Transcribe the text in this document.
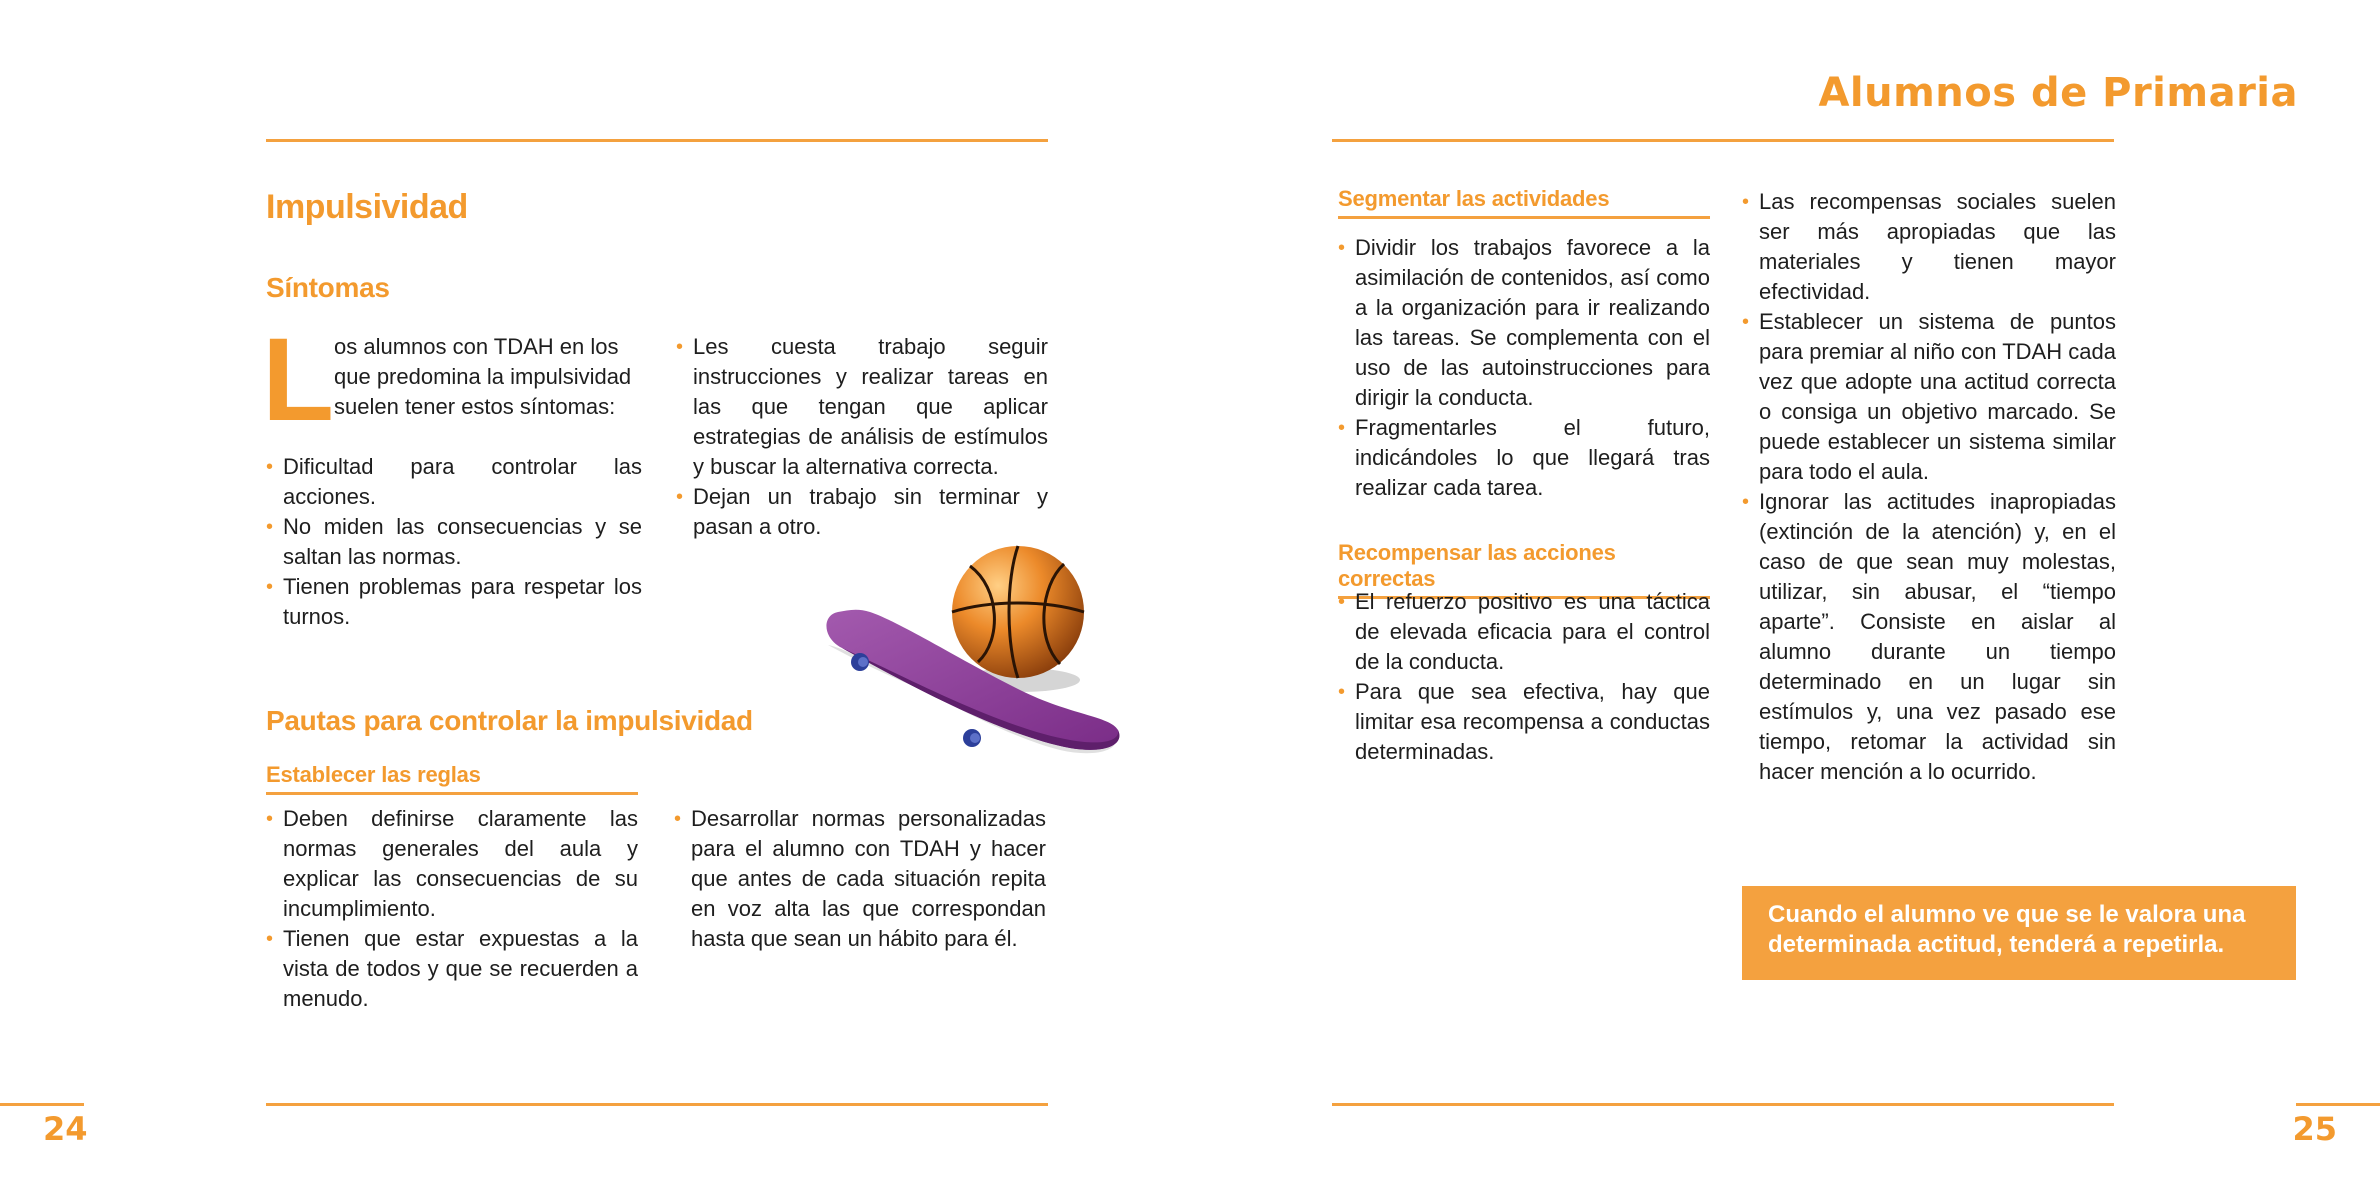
Alumnos de Primaria
Impulsividad
Síntomas
L os alumnos con TDAH en los
que predomina la impulsividad
suelen tener estos síntomas:
• Dificultad para controlar las acciones.
• No miden las consecuencias y se saltan las normas.
• Tienen problemas para respetar los turnos.
• Les cuesta trabajo seguir instrucciones y realizar tareas en las que tengan que aplicar estrategias de análisis de estímulos y buscar la alternativa correcta.
• Dejan un trabajo sin terminar y pasan a otro.
Pautas para controlar la impulsividad
Establecer las reglas
• Deben definirse claramente las normas generales del aula y explicar las consecuencias de su incumplimiento.
• Tienen que estar expuestas a la vista de todos y que se recuerden a menudo.
• Desarrollar normas personalizadas para el alumno con TDAH y hacer que antes de cada situación repita en voz alta las que correspondan hasta que sean un hábito para él.
Segmentar las actividades
• Dividir los trabajos favorece a la asimilación de contenidos, así como a la organización para ir realizando las tareas. Se complementa con el uso de las autoinstrucciones para dirigir la conducta.
• Fragmentarles el futuro, indicándoles lo que llegará tras realizar cada tarea.
Recompensar las acciones correctas
• El refuerzo positivo es una táctica de elevada eficacia para el control de la conducta.
• Para que sea efectiva, hay que limitar esa recompensa a conductas determinadas.
• Las recompensas sociales suelen ser más apropiadas que las materiales y tienen mayor efectividad.
• Establecer un sistema de puntos para premiar al niño con TDAH cada vez que adopte una actitud correcta o consiga un objetivo marcado. Se puede establecer un sistema similar para todo el aula.
• Ignorar las actitudes inapropiadas (extinción de la atención) y, en el caso de que sean muy molestas, utilizar, sin abusar, el “tiempo aparte”. Consiste en aislar al alumno durante un tiempo determinado en un lugar sin estímulos y, una vez pasado ese tiempo, retomar la actividad sin hacer mención a lo ocurrido.
Cuando el alumno ve que se le valora una determinada actitud, tenderá a repetirla.
24	25
